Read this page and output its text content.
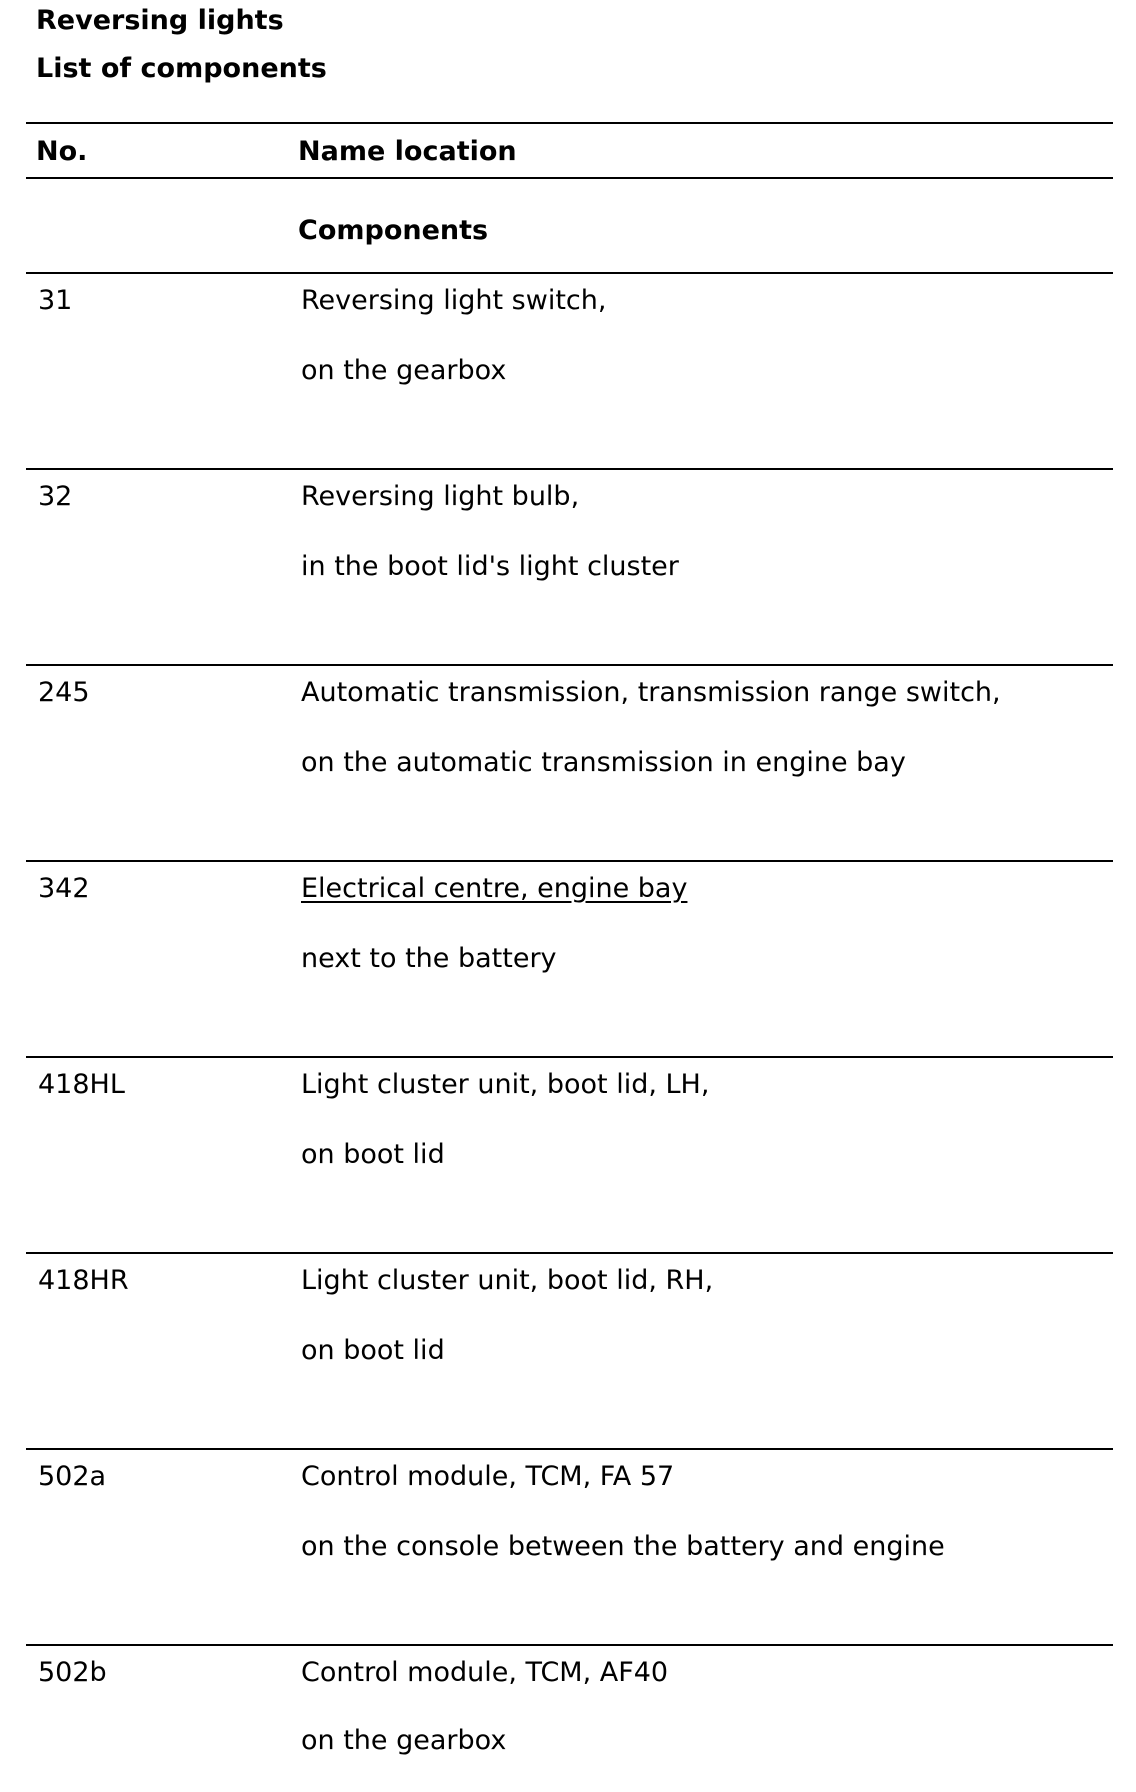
Reversing lights
List of components
No.	Name location
Components
31	Reversing light switch,
on the gearbox
32	Reversing light bulb,
in the boot lid's light cluster
245	Automatic transmission, transmission range switch,
on the automatic transmission in engine bay
342	Electrical centre, engine bay
next to the battery
418HL	Light cluster unit, boot lid, LH,
on boot lid
418HR	Light cluster unit, boot lid, RH,
on boot lid
502a	Control module, TCM, FA 57
on the console between the battery and engine
502b	Control module, TCM, AF40
on the gearbox
